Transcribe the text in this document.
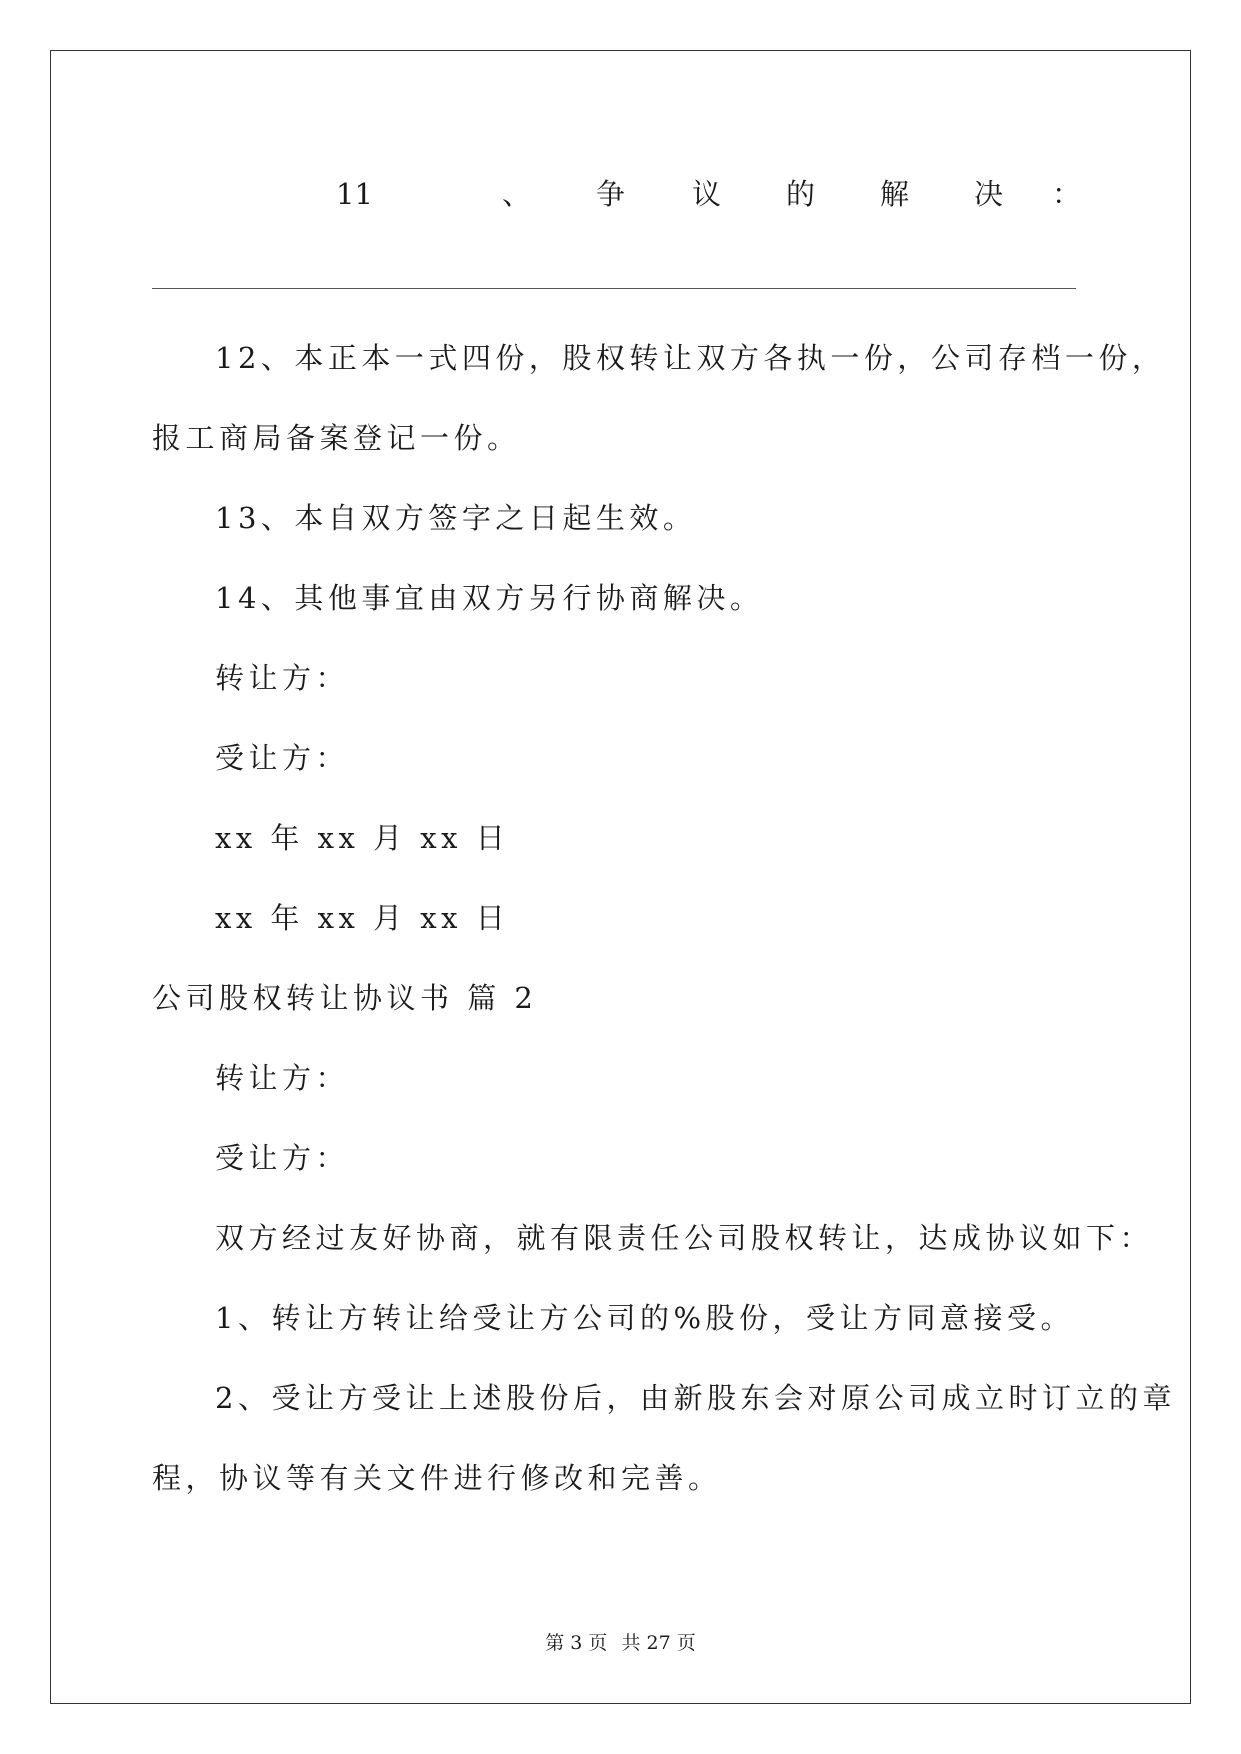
11	、 争 议 的 解 决 ：
12、本正本一式四份，股权转让双方各执一份，公司存档一份，
报工商局备案登记一份。
13、本自双方签字之日起生效。
14、其他事宜由双方另行协商解决。
转让方：
受让方：
xx 年 xx 月 xx 日
xx 年 xx 月 xx 日
公司股权转让协议书 篇 2
转让方：
受让方：
双方经过友好协商，就有限责任公司股权转让，达成协议如下：
1、转让方转让给受让方公司的%股份，受让方同意接受。
2、受让方受让上述股份后，由新股东会对原公司成立时订立的章
程，协议等有关文件进行修改和完善。
第 3 页 共 27 页
